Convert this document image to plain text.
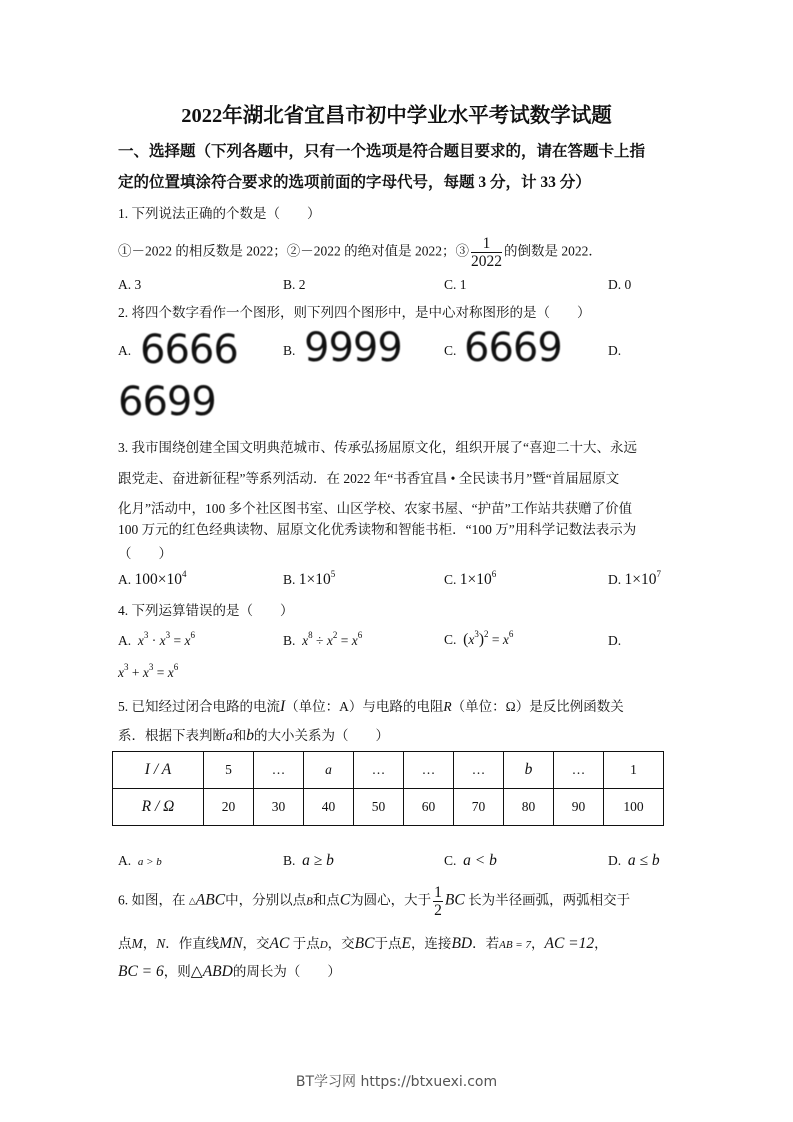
2022年湖北省宜昌市初中学业水平考试数学试题
一、选择题（下列各题中，只有一个选项是符合题目要求的，请在答题卡上指
定的位置填涂符合要求的选项前面的字母代号，每题 3 分，计 33 分）
1. 下列说法正确的个数是（　　）
①－2022 的相反数是 2022；②－2022 的绝对值是 2022；③ $\frac{1}{2022}$ 的倒数是 2022．
A. 3	B. 2	C. 1	D. 0
2. 将四个数字看作一个图形，则下列四个图形中，是中心对称图形的是（　　）
A. 6666	B. 9999	C. 6669	D.
6699
3. 我市围绕创建全国文明典范城市、传承弘扬屈原文化，组织开展了“喜迎二十大、永远
跟党走、奋进新征程”等系列活动．在 2022 年“书香宜昌 • 全民读书月”暨“首届屈原文
化月”活动中，100 多个社区图书室、山区学校、农家书屋、“护苗”工作站共获赠了价值
100 万元的红色经典读物、屈原文化优秀读物和智能书柜．“100 万”用科学记数法表示为
（　　）
A. $100\times 10^4$	B. $1\times 10^5$	C. $1\times 10^6$	D. $1\times 10^7$
4. 下列运算错误的是（　　）
A. $x^3 \cdot x^3 = x^6$	B. $x^8 \div x^2 = x^6$	C. $(x^3)^2 = x^6$	D.
$x^3 + x^3 = x^6$
5. 已知经过闭合电路的电流I（单位：A）与电路的电阻R（单位：Ω）是反比例函数关
系．根据下表判断a和b的大小关系为（　　）
I / A	5	…	a	…	…	…	b	…	1
R / Ω	20	30	40	50	60	70	80	90	100
A. a > b	B. a ≥ b	C. a < b	D. a ≤ b
6. 如图，在 △ABC中，分别以点B和点C为圆心，大于 $\frac{1}{2}$ BC 长为半径画弧，两弧相交于
点M，N．作直线MN，交AC 于点D，交BC于点E，连接BD．若AB = 7，AC =12，
BC = 6，则△ABD的周长为（　　）
BT学习网 https://btxuexi.com
